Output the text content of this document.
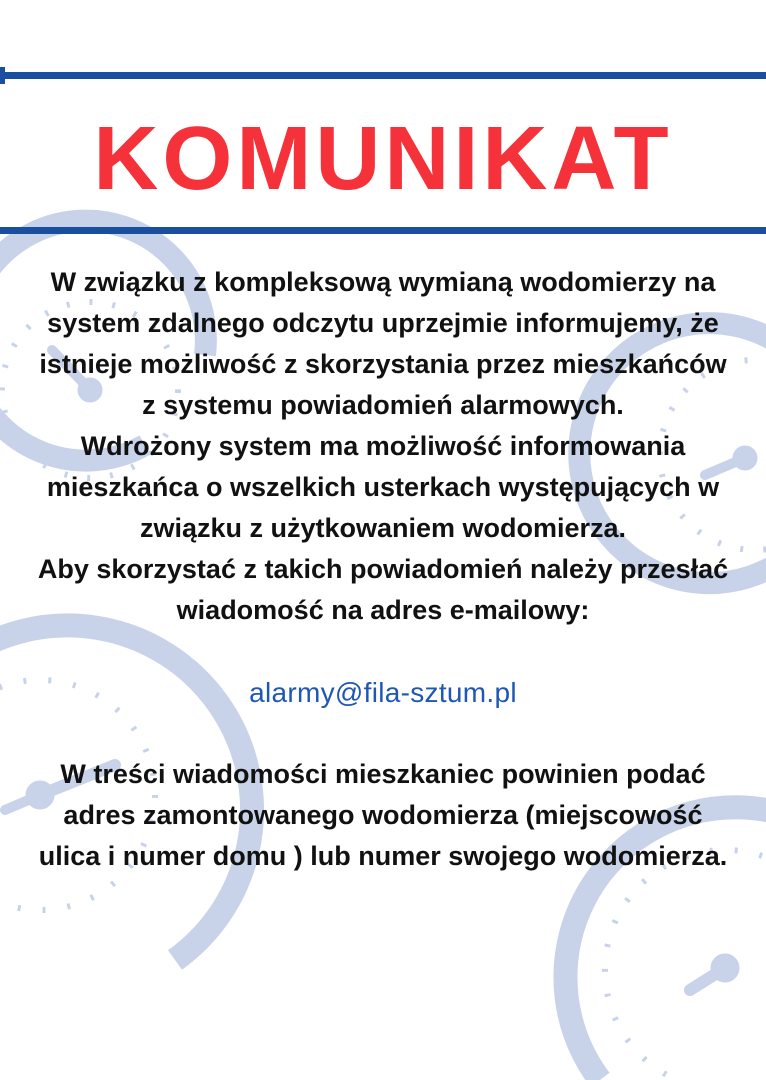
KOMUNIKAT

W związku z kompleksową wymianą wodomierzy na system zdalnego odczytu uprzejmie informujemy, że istnieje możliwość z skorzystania przez mieszkańców z systemu powiadomień alarmowych.

Wdrożony system ma możliwość informowania mieszkańca o wszelkich usterkach występujących w związku z użytkowaniem wodomierza.

Aby skorzystać z takich powiadomień należy przesłać wiadomość na adres e-mailowy:

alarmy@fila-sztum.pl

W treści wiadomości mieszkaniec powinien podać adres zamontowanego wodomierza (miejscowość ulica i numer domu ) lub numer swojego wodomierza.
